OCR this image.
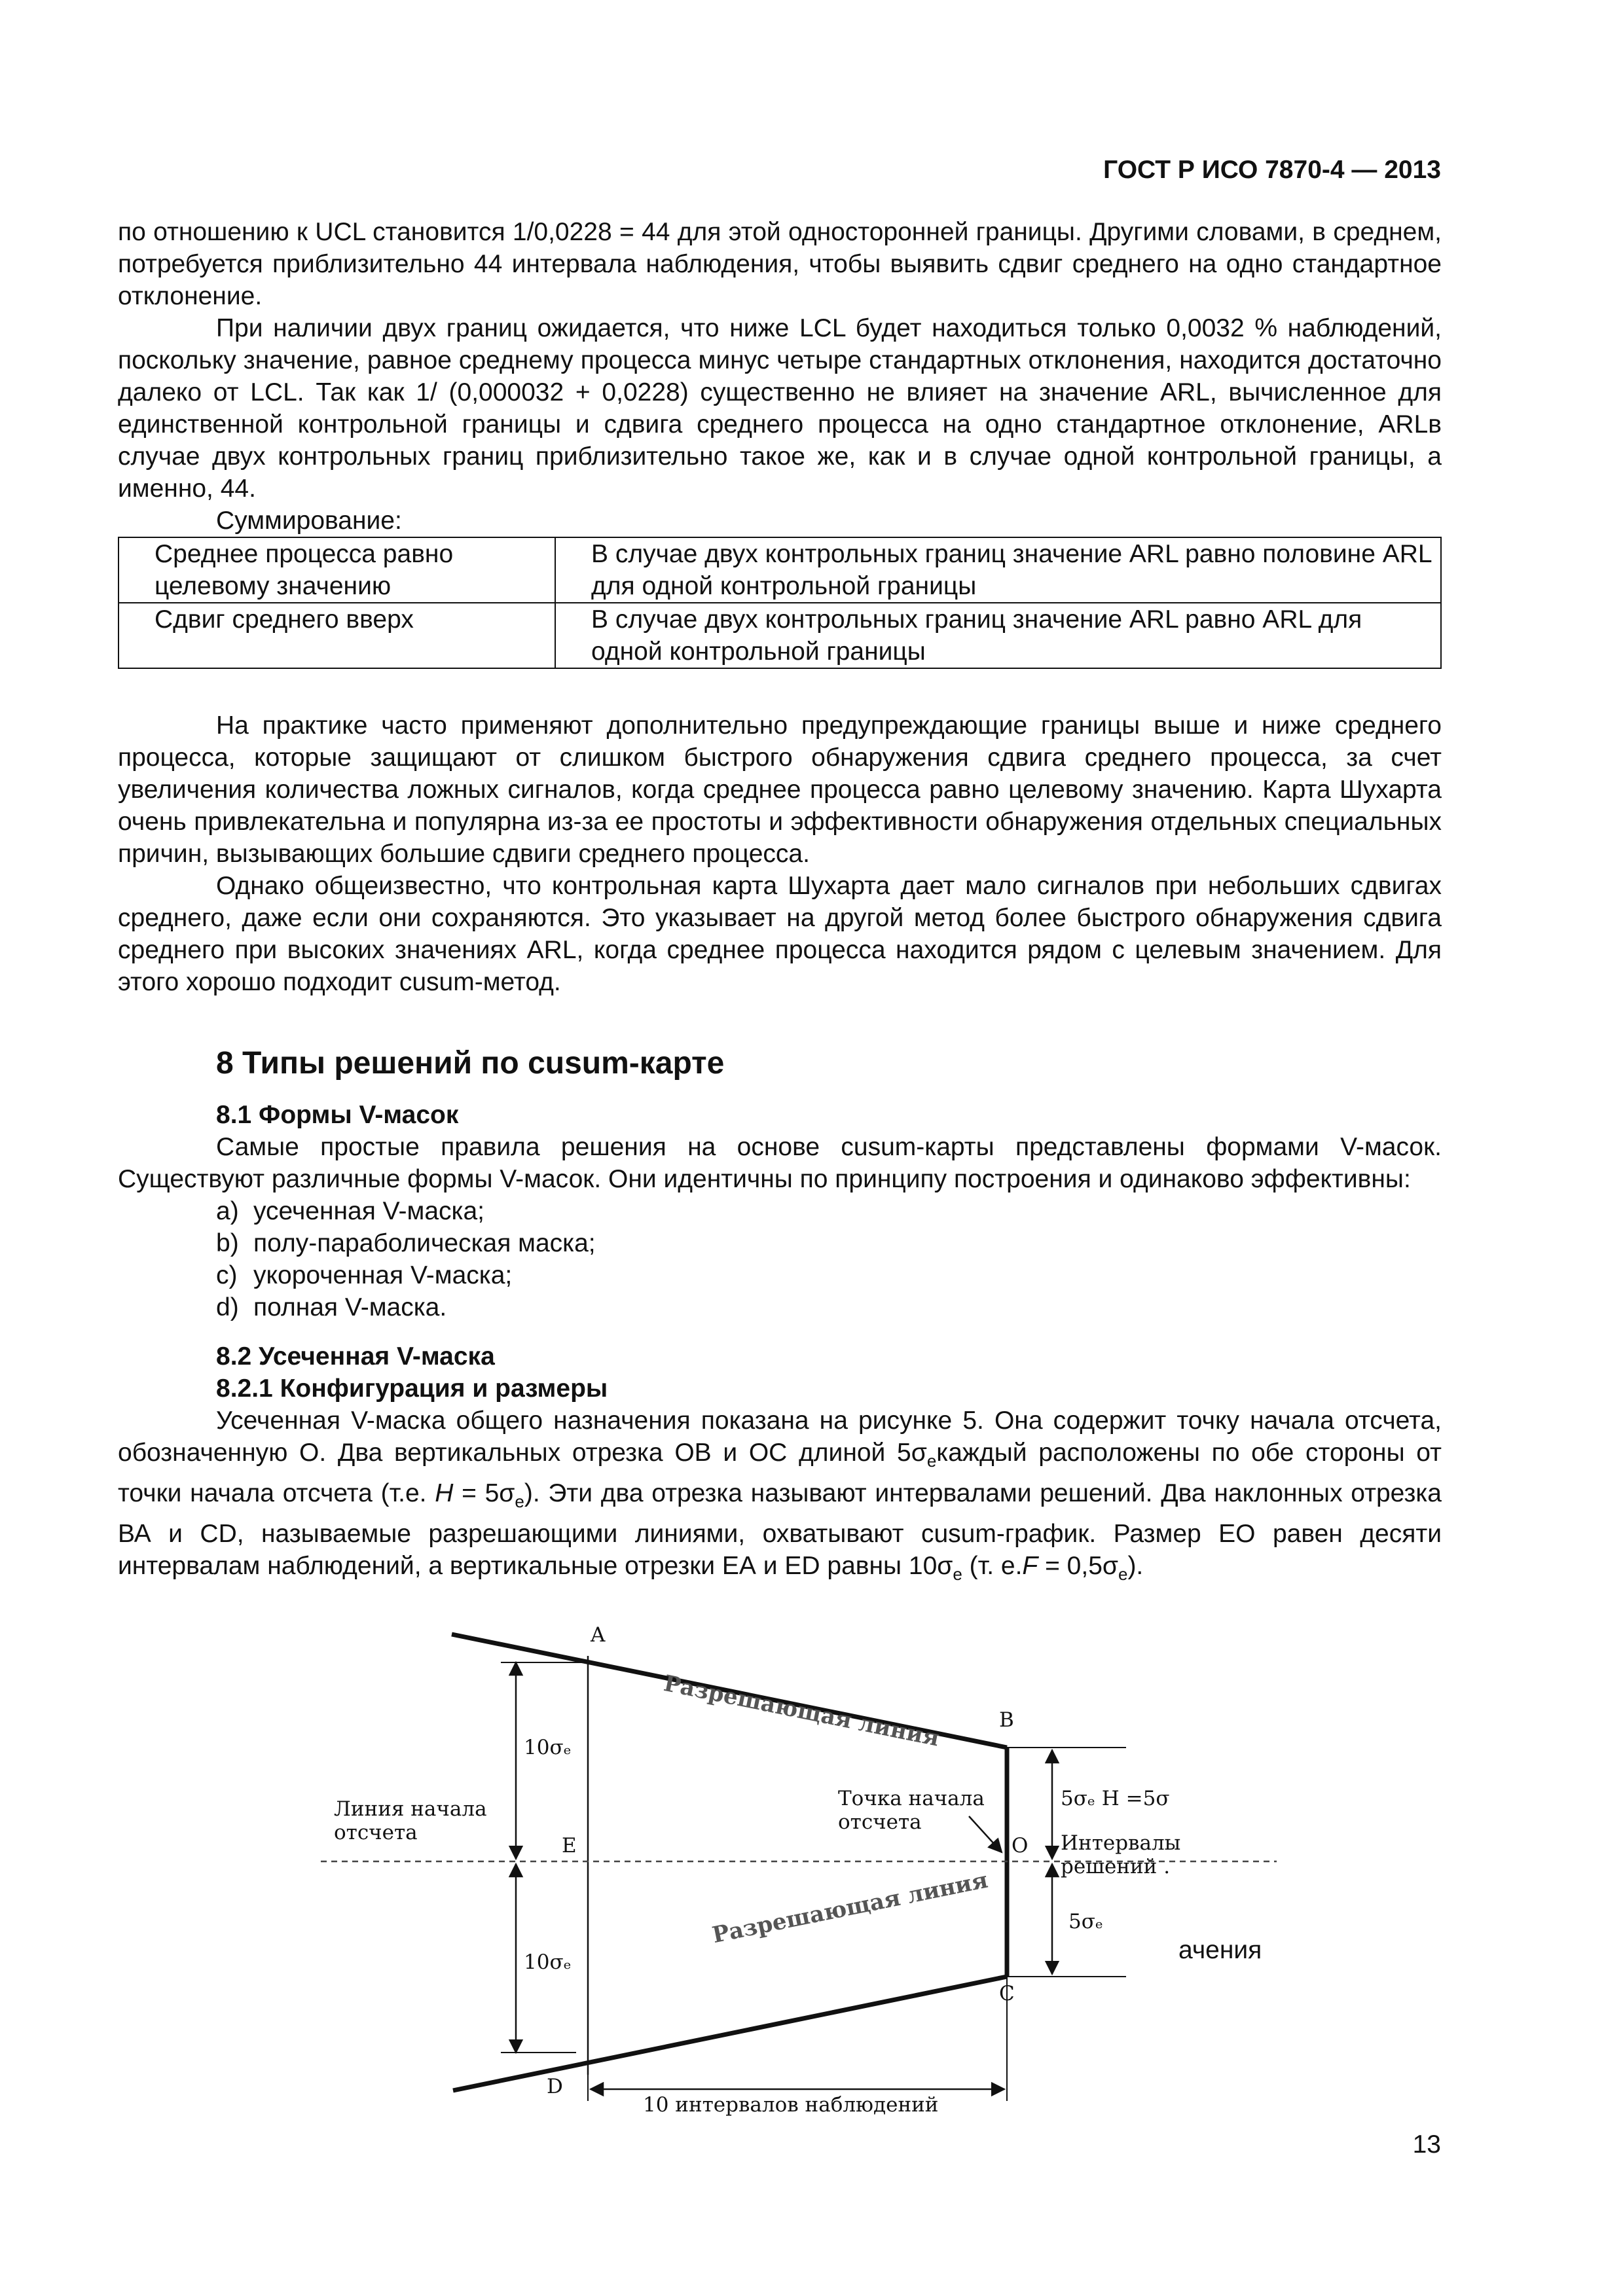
ГОСТ Р ИСО 7870-4 — 2013

по отношению к UCL становится 1/0,0228 = 44 для этой односторонней границы. Другими словами, в среднем, потребуется приблизительно 44 интервала наблюдения, чтобы выявить сдвиг среднего на одно стандартное отклонение.

При наличии двух границ ожидается, что ниже LCL будет находиться только 0,0032 % наблюдений, поскольку значение, равное среднему процесса минус четыре стандартных отклонения, находится достаточно далеко от LCL. Так как 1/ (0,000032 + 0,0228) существенно не влияет на значение ARL, вычисленное для единственной контрольной границы и сдвига среднего процесса на одно стандартное отклонение, ARLв случае двух контрольных границ приблизительно такое же, как и в случае одной контрольной границы, а именно, 44.

Суммирование:

Среднее процесса равно целевому значению	В случае двух контрольных границ значение ARL равно половине ARL для одной контрольной границы

Сдвиг среднего вверх	В случае двух контрольных границ значение ARL равно ARL для одной контрольной границы

На практике часто применяют дополнительно предупреждающие границы выше и ниже среднего процесса, которые защищают от слишком быстрого обнаружения сдвига среднего процесса, за счет увеличения количества ложных сигналов, когда среднее процесса равно целевому значению. Карта Шухарта очень привлекательна и популярна из-за ее простоты и эффективности обнаружения отдельных специальных причин, вызывающих большие сдвиги среднего процесса.

Однако общеизвестно, что контрольная карта Шухарта дает мало сигналов при небольших сдвигах среднего, даже если они сохраняются. Это указывает на другой метод более быстрого обнаружения сдвига среднего при высоких значениях ARL, когда среднее процесса находится рядом с целевым значением. Для этого хорошо подходит cusum-метод.

8 Типы решений по cusum-карте
8.1 Формы V-масок

Самые простые правила решения на основе cusum-карты представлены формами V-масок. Существуют различные формы V-масок. Они идентичны по принципу построения и одинаково эффективны:

a) усеченная V-маска;
b) полу-параболическая маска;
c) укороченная V-маска;
d) полная V-маска.
8.2 Усеченная V-маска
8.2.1 Конфигурация и размеры

Усеченная V-маска общего назначения показана на рисунке 5. Она содержит точку начала отсчета, обозначенную О. Два вертикальных отрезка ОВ и ОС длиной $5\sigma_eкаждый$ расположены по обе стороны от точки начала отсчета (т.е. $H = 5\sigma_e$). Эти два отрезка называют интервалами решений. Два наклонных отрезка ВА и CD, называемые разрешающими линиями, охватывают cusum-график. Размер ЕО равен десяти интервалам наблюдений, а вертикальные отрезки ЕА и ED равны $10\sigma_e$ (т. $е.F = 0,5\sigma_e$).

A
B
C
D
E	O
Разрешающая линия
Разрешающая линия
10σₑ
10σₑ
Линия начала
отсчета
Точка начала
отсчета
5σₑ H =5σ
Интервалы
решений .
5σₑ
10 интервалов наблюдений
ачения
13
